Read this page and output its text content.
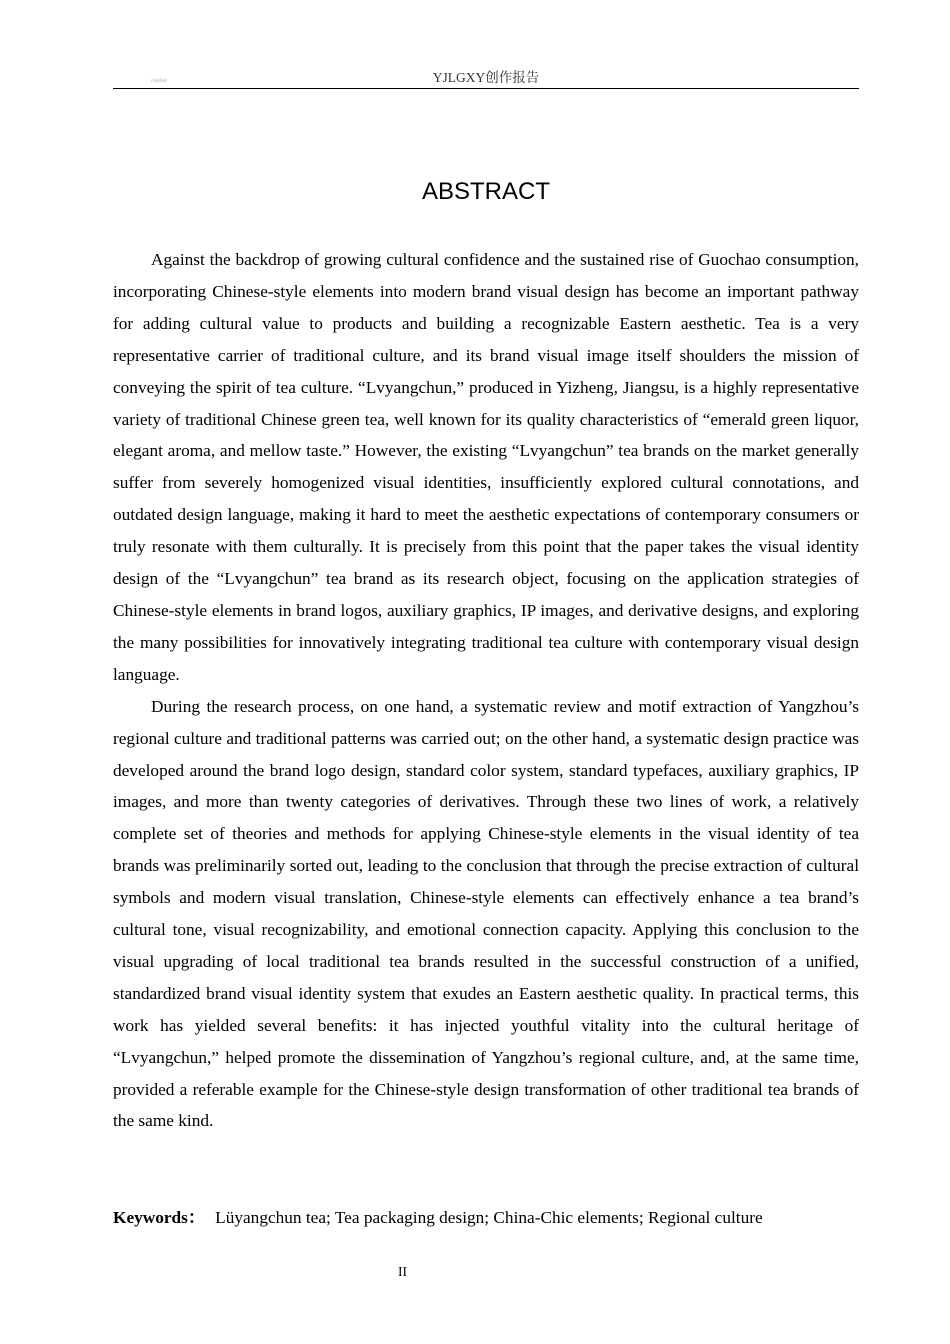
内部资料	YJLGXY创作报告
ABSTRACT

Against the backdrop of growing cultural confidence and the sustained rise of Guochao consumption, incorporating Chinese-style elements into modern brand visual design has become an important pathway for adding cultural value to products and building a recognizable Eastern aesthetic. Tea is a very representative carrier of traditional culture, and its brand visual image itself shoulders the mission of conveying the spirit of tea culture. “Lvyangchun,” produced in Yizheng, Jiangsu, is a highly representative variety of traditional Chinese green tea, well known for its quality characteristics of “emerald green liquor, elegant aroma, and mellow taste.” However, the existing “Lvyangchun” tea brands on the market generally suffer from severely homogenized visual identities, insufficiently explored cultural connotations, and outdated design language, making it hard to meet the aesthetic expectations of contemporary consumers or truly resonate with them culturally. It is precisely from this point that the paper takes the visual identity design of the “Lvyangchun” tea brand as its research object, focusing on the application strategies of Chinese-style elements in brand logos, auxiliary graphics, IP images, and derivative designs, and exploring the many possibilities for innovatively integrating traditional tea culture with contemporary visual design language.

During the research process, on one hand, a systematic review and motif extraction of Yangzhou’s regional culture and traditional patterns was carried out; on the other hand, a systematic design practice was developed around the brand logo design, standard color system, standard typefaces, auxiliary graphics, IP images, and more than twenty categories of derivatives. Through these two lines of work, a relatively complete set of theories and methods for applying Chinese-style elements in the visual identity of tea brands was preliminarily sorted out, leading to the conclusion that through the precise extraction of cultural symbols and modern visual translation, Chinese-style elements can effectively enhance a tea brand’s cultural tone, visual recognizability, and emotional connection capacity. Applying this conclusion to the visual upgrading of local traditional tea brands resulted in the successful construction of a unified, standardized brand visual identity system that exudes an Eastern aesthetic quality. In practical terms, this work has yielded several benefits: it has injected youthful vitality into the cultural heritage of “Lvyangchun,” helped promote the dissemination of Yangzhou’s regional culture, and, at the same time, provided a referable example for the Chinese-style design transformation of other traditional tea brands of the same kind.

Keywords： Lüyangchun tea; Tea packaging design; China-Chic elements; Regional culture
II
